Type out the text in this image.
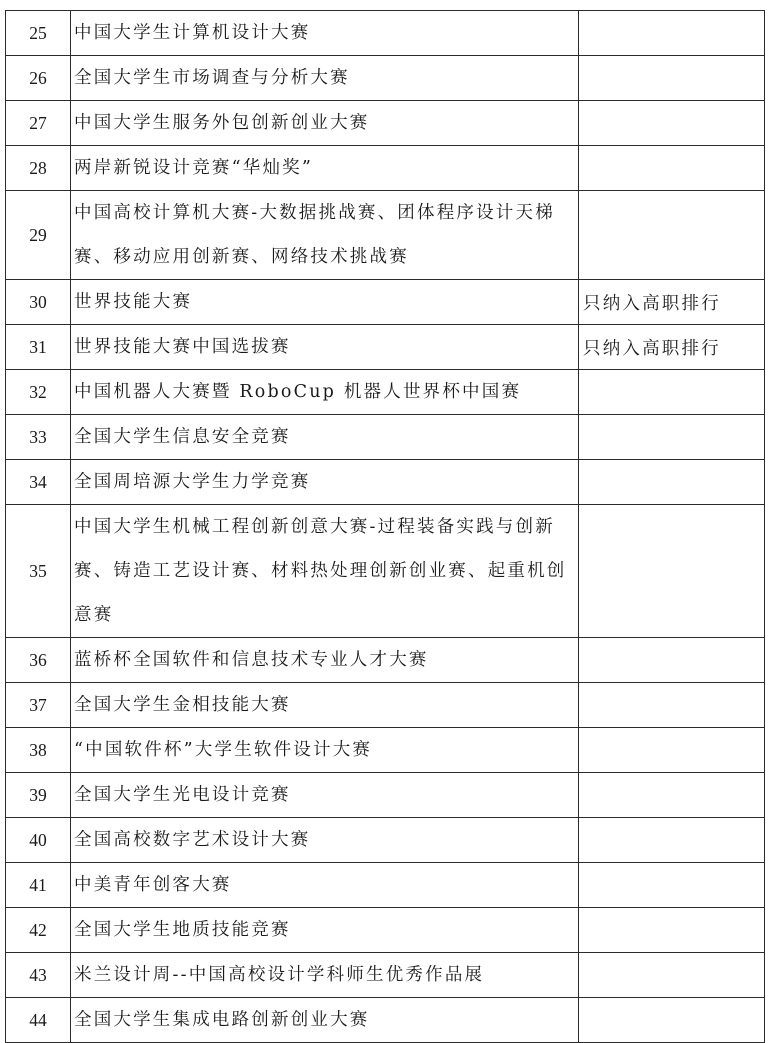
25	中国大学生计算机设计大赛	
26	全国大学生市场调查与分析大赛	
27	中国大学生服务外包创新创业大赛	
28	两岸新锐设计竞赛“华灿奖”	
29	中国高校计算机大赛-大数据挑战赛、团体程序设计天梯赛、移动应用创新赛、网络技术挑战赛	
30	世界技能大赛	只纳入高职排行
31	世界技能大赛中国选拔赛	只纳入高职排行
32	中国机器人大赛暨 RoboCup 机器人世界杯中国赛	
33	全国大学生信息安全竞赛	
34	全国周培源大学生力学竞赛	
35	中国大学生机械工程创新创意大赛-过程装备实践与创新赛、铸造工艺设计赛、材料热处理创新创业赛、起重机创意赛	
36	蓝桥杯全国软件和信息技术专业人才大赛	
37	全国大学生金相技能大赛	
38	“中国软件杯”大学生软件设计大赛	
39	全国大学生光电设计竞赛	
40	全国高校数字艺术设计大赛	
41	中美青年创客大赛	
42	全国大学生地质技能竞赛	
43	米兰设计周--中国高校设计学科师生优秀作品展	
44	全国大学生集成电路创新创业大赛	
